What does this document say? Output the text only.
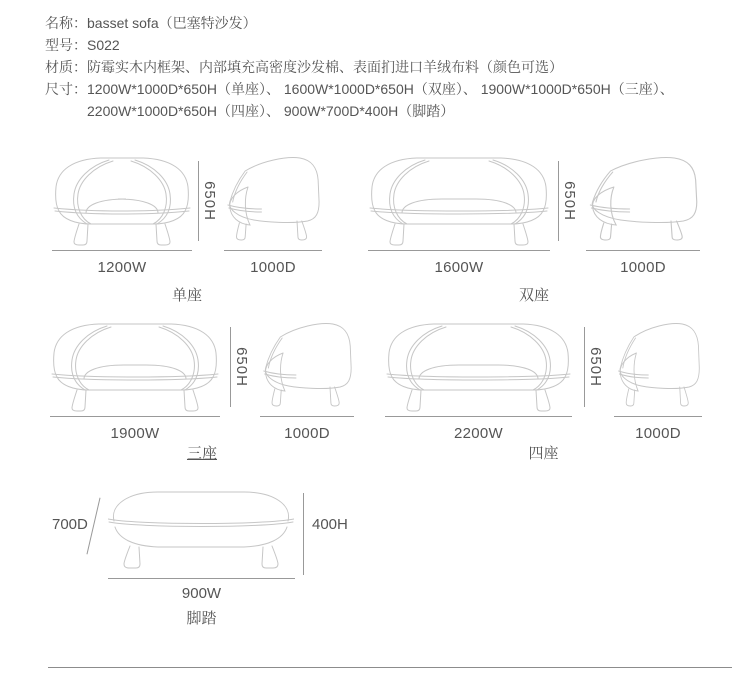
名称：basset sofa（巴塞特沙发）
型号：S022
材质：防霉实木内框架、内部填充高密度沙发棉、表面扪进口羊绒布料（颜色可选）
尺寸： 1200W*1000D*650H（单座）、 1600W*1000D*650H（双座）、 1900W*1000D*650H（三座）、
2200W*1000D*650H（四座）、 900W*700D*400H（脚踏）
1200W
650H
1000D
单座
1600W
650H
1000D
双座
1900W
650H
1000D
三座
2200W
650H
1000D
四座
700D	400H
900W
脚踏
